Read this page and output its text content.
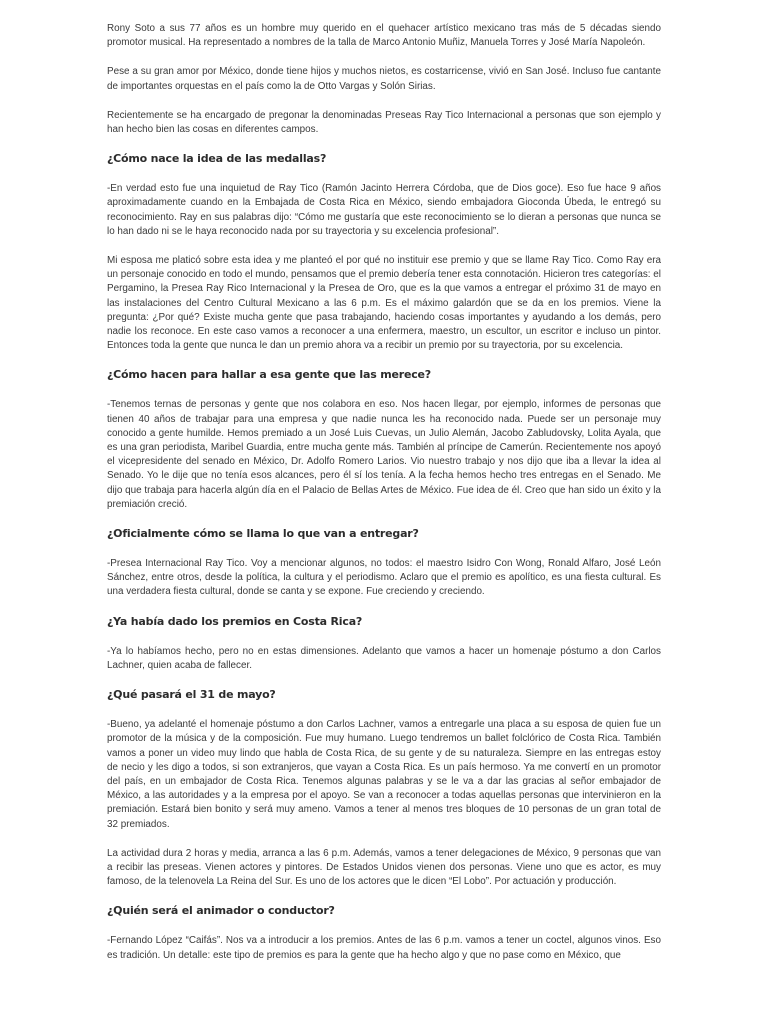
Rony Soto a sus 77 años es un hombre muy querido en el quehacer artístico mexicano tras más de 5 décadas siendo promotor musical. Ha representado a nombres de la talla de Marco Antonio Muñiz, Manuela Torres y José María Napoleón.

Pese a su gran amor por México, donde tiene hijos y muchos nietos, es costarricense, vivió en San José. Incluso fue cantante de importantes orquestas en el país como la de Otto Vargas y Solón Sirias.

Recientemente se ha encargado de pregonar la denominadas Preseas Ray Tico Internacional a personas que son ejemplo y han hecho bien las cosas en diferentes campos.

¿Cómo nace la idea de las medallas?

-En verdad esto fue una inquietud de Ray Tico (Ramón Jacinto Herrera Córdoba, que de Dios goce). Eso fue hace 9 años aproximadamente cuando en la Embajada de Costa Rica en México, siendo embajadora Gioconda Úbeda, le entregó su reconocimiento. Ray en sus palabras dijo: “Cómo me gustaría que este reconocimiento se lo dieran a personas que nunca se lo han dado ni se le haya reconocido nada por su trayectoria y su excelencia profesional”.

Mi esposa me platicó sobre esta idea y me planteó el por qué no instituir ese premio y que se llame Ray Tico. Como Ray era un personaje conocido en todo el mundo, pensamos que el premio debería tener esta connotación. Hicieron tres categorías: el Pergamino, la Presea Ray Rico Internacional y la Presea de Oro, que es la que vamos a entregar el próximo 31 de mayo en las instalaciones del Centro Cultural Mexicano a las 6 p.m. Es el máximo galardón que se da en los premios. Viene la pregunta: ¿Por qué? Existe mucha gente que pasa trabajando, haciendo cosas importantes y ayudando a los demás, pero nadie los reconoce. En este caso vamos a reconocer a una enfermera, maestro, un escultor, un escritor e incluso un pintor. Entonces toda la gente que nunca le dan un premio ahora va a recibir un premio por su trayectoria, por su excelencia.

¿Cómo hacen para hallar a esa gente que las merece?

-Tenemos ternas de personas y gente que nos colabora en eso. Nos hacen llegar, por ejemplo, informes de personas que tienen 40 años de trabajar para una empresa y que nadie nunca les ha reconocido nada. Puede ser un personaje muy conocido a gente humilde. Hemos premiado a un José Luis Cuevas, un Julio Alemán, Jacobo Zabludovsky, Lolita Ayala, que es una gran periodista, Maribel Guardia, entre mucha gente más. También al príncipe de Camerún. Recientemente nos apoyó el vicepresidente del senado en México, Dr. Adolfo Romero Larios. Vio nuestro trabajo y nos dijo que iba a llevar la idea al Senado. Yo le dije que no tenía esos alcances, pero él sí los tenía. A la fecha hemos hecho tres entregas en el Senado. Me dijo que trabaja para hacerla algún día en el Palacio de Bellas Artes de México. Fue idea de él. Creo que han sido un éxito y la premiación creció.

¿Oficialmente cómo se llama lo que van a entregar?

-Presea Internacional Ray Tico. Voy a mencionar algunos, no todos: el maestro Isidro Con Wong, Ronald Alfaro, José León Sánchez, entre otros, desde la política, la cultura y el periodismo. Aclaro que el premio es apolítico, es una fiesta cultural. Es una verdadera fiesta cultural, donde se canta y se expone. Fue creciendo y creciendo.

¿Ya había dado los premios en Costa Rica?

-Ya lo habíamos hecho, pero no en estas dimensiones. Adelanto que vamos a hacer un homenaje póstumo a don Carlos Lachner, quien acaba de fallecer.

¿Qué pasará el 31 de mayo?

-Bueno, ya adelanté el homenaje póstumo a don Carlos Lachner, vamos a entregarle una placa a su esposa de quien fue un promotor de la música y de la composición. Fue muy humano. Luego tendremos un ballet folclórico de Costa Rica. También vamos a poner un video muy lindo que habla de Costa Rica, de su gente y de su naturaleza. Siempre en las entregas estoy de necio y les digo a todos, si son extranjeros, que vayan a Costa Rica. Es un país hermoso. Ya me convertí en un promotor del país, en un embajador de Costa Rica. Tenemos algunas palabras y se le va a dar las gracias al señor embajador de México, a las autoridades y a la empresa por el apoyo. Se van a reconocer a todas aquellas personas que intervinieron en la premiación. Estará bien bonito y será muy ameno. Vamos a tener al menos tres bloques de 10 personas de un gran total de 32 premiados.

La actividad dura 2 horas y media, arranca a las 6 p.m. Además, vamos a tener delegaciones de México, 9 personas que van a recibir las preseas. Vienen actores y pintores. De Estados Unidos vienen dos personas. Viene uno que es actor, es muy famoso, de la telenovela La Reina del Sur. Es uno de los actores que le dicen “El Lobo”. Por actuación y producción.

¿Quién será el animador o conductor?

-Fernando López “Caifás”. Nos va a introducir a los premios. Antes de las 6 p.m. vamos a tener un coctel, algunos vinos. Eso es tradición. Un detalle: este tipo de premios es para la gente que ha hecho algo y que no pase como en México, que
